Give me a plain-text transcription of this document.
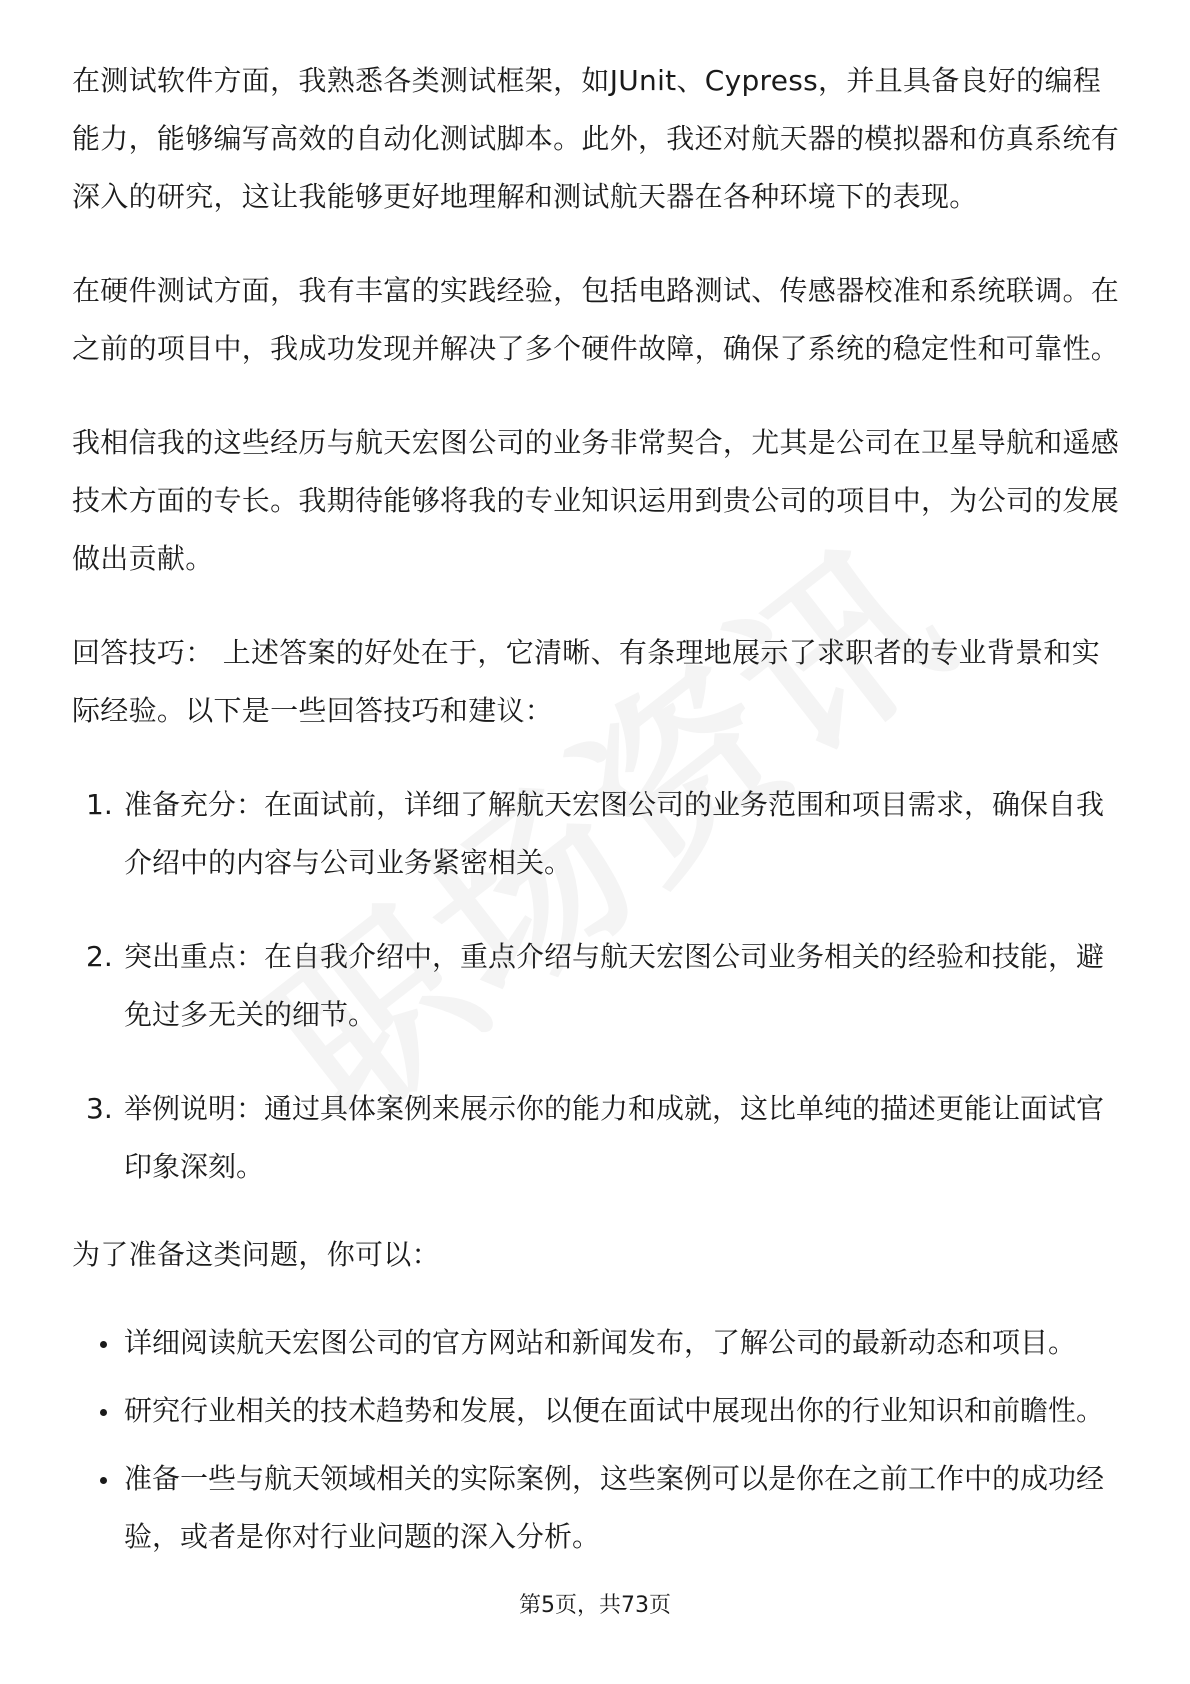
在测试软件方面，我熟悉各类测试框架，如JUnit、Cypress，并且具备良好的编程能力，能够编写高效的自动化测试脚本。此外，我还对航天器的模拟器和仿真系统有深入的研究，这让我能够更好地理解和测试航天器在各种环境下的表现。

在硬件测试方面，我有丰富的实践经验，包括电路测试、传感器校准和系统联调。在之前的项目中，我成功发现并解决了多个硬件故障，确保了系统的稳定性和可靠性。

我相信我的这些经历与航天宏图公司的业务非常契合，尤其是公司在卫星导航和遥感技术方面的专长。我期待能够将我的专业知识运用到贵公司的项目中，为公司的发展做出贡献。

回答技巧： 上述答案的好处在于，它清晰、有条理地展示了求职者的专业背景和实际经验。以下是一些回答技巧和建议：

1. 准备充分：在面试前，详细了解航天宏图公司的业务范围和项目需求，确保自我介绍中的内容与公司业务紧密相关。
2. 突出重点：在自我介绍中，重点介绍与航天宏图公司业务相关的经验和技能，避免过多无关的细节。
3. 举例说明：通过具体案例来展示你的能力和成就，这比单纯的描述更能让面试官印象深刻。

为了准备这类问题，你可以：

详细阅读航天宏图公司的官方网站和新闻发布，了解公司的最新动态和项目。
研究行业相关的技术趋势和发展，以便在面试中展现出你的行业知识和前瞻性。
准备一些与航天领域相关的实际案例，这些案例可以是你在之前工作中的成功经验，或者是你对行业问题的深入分析。
第5页，共73页
